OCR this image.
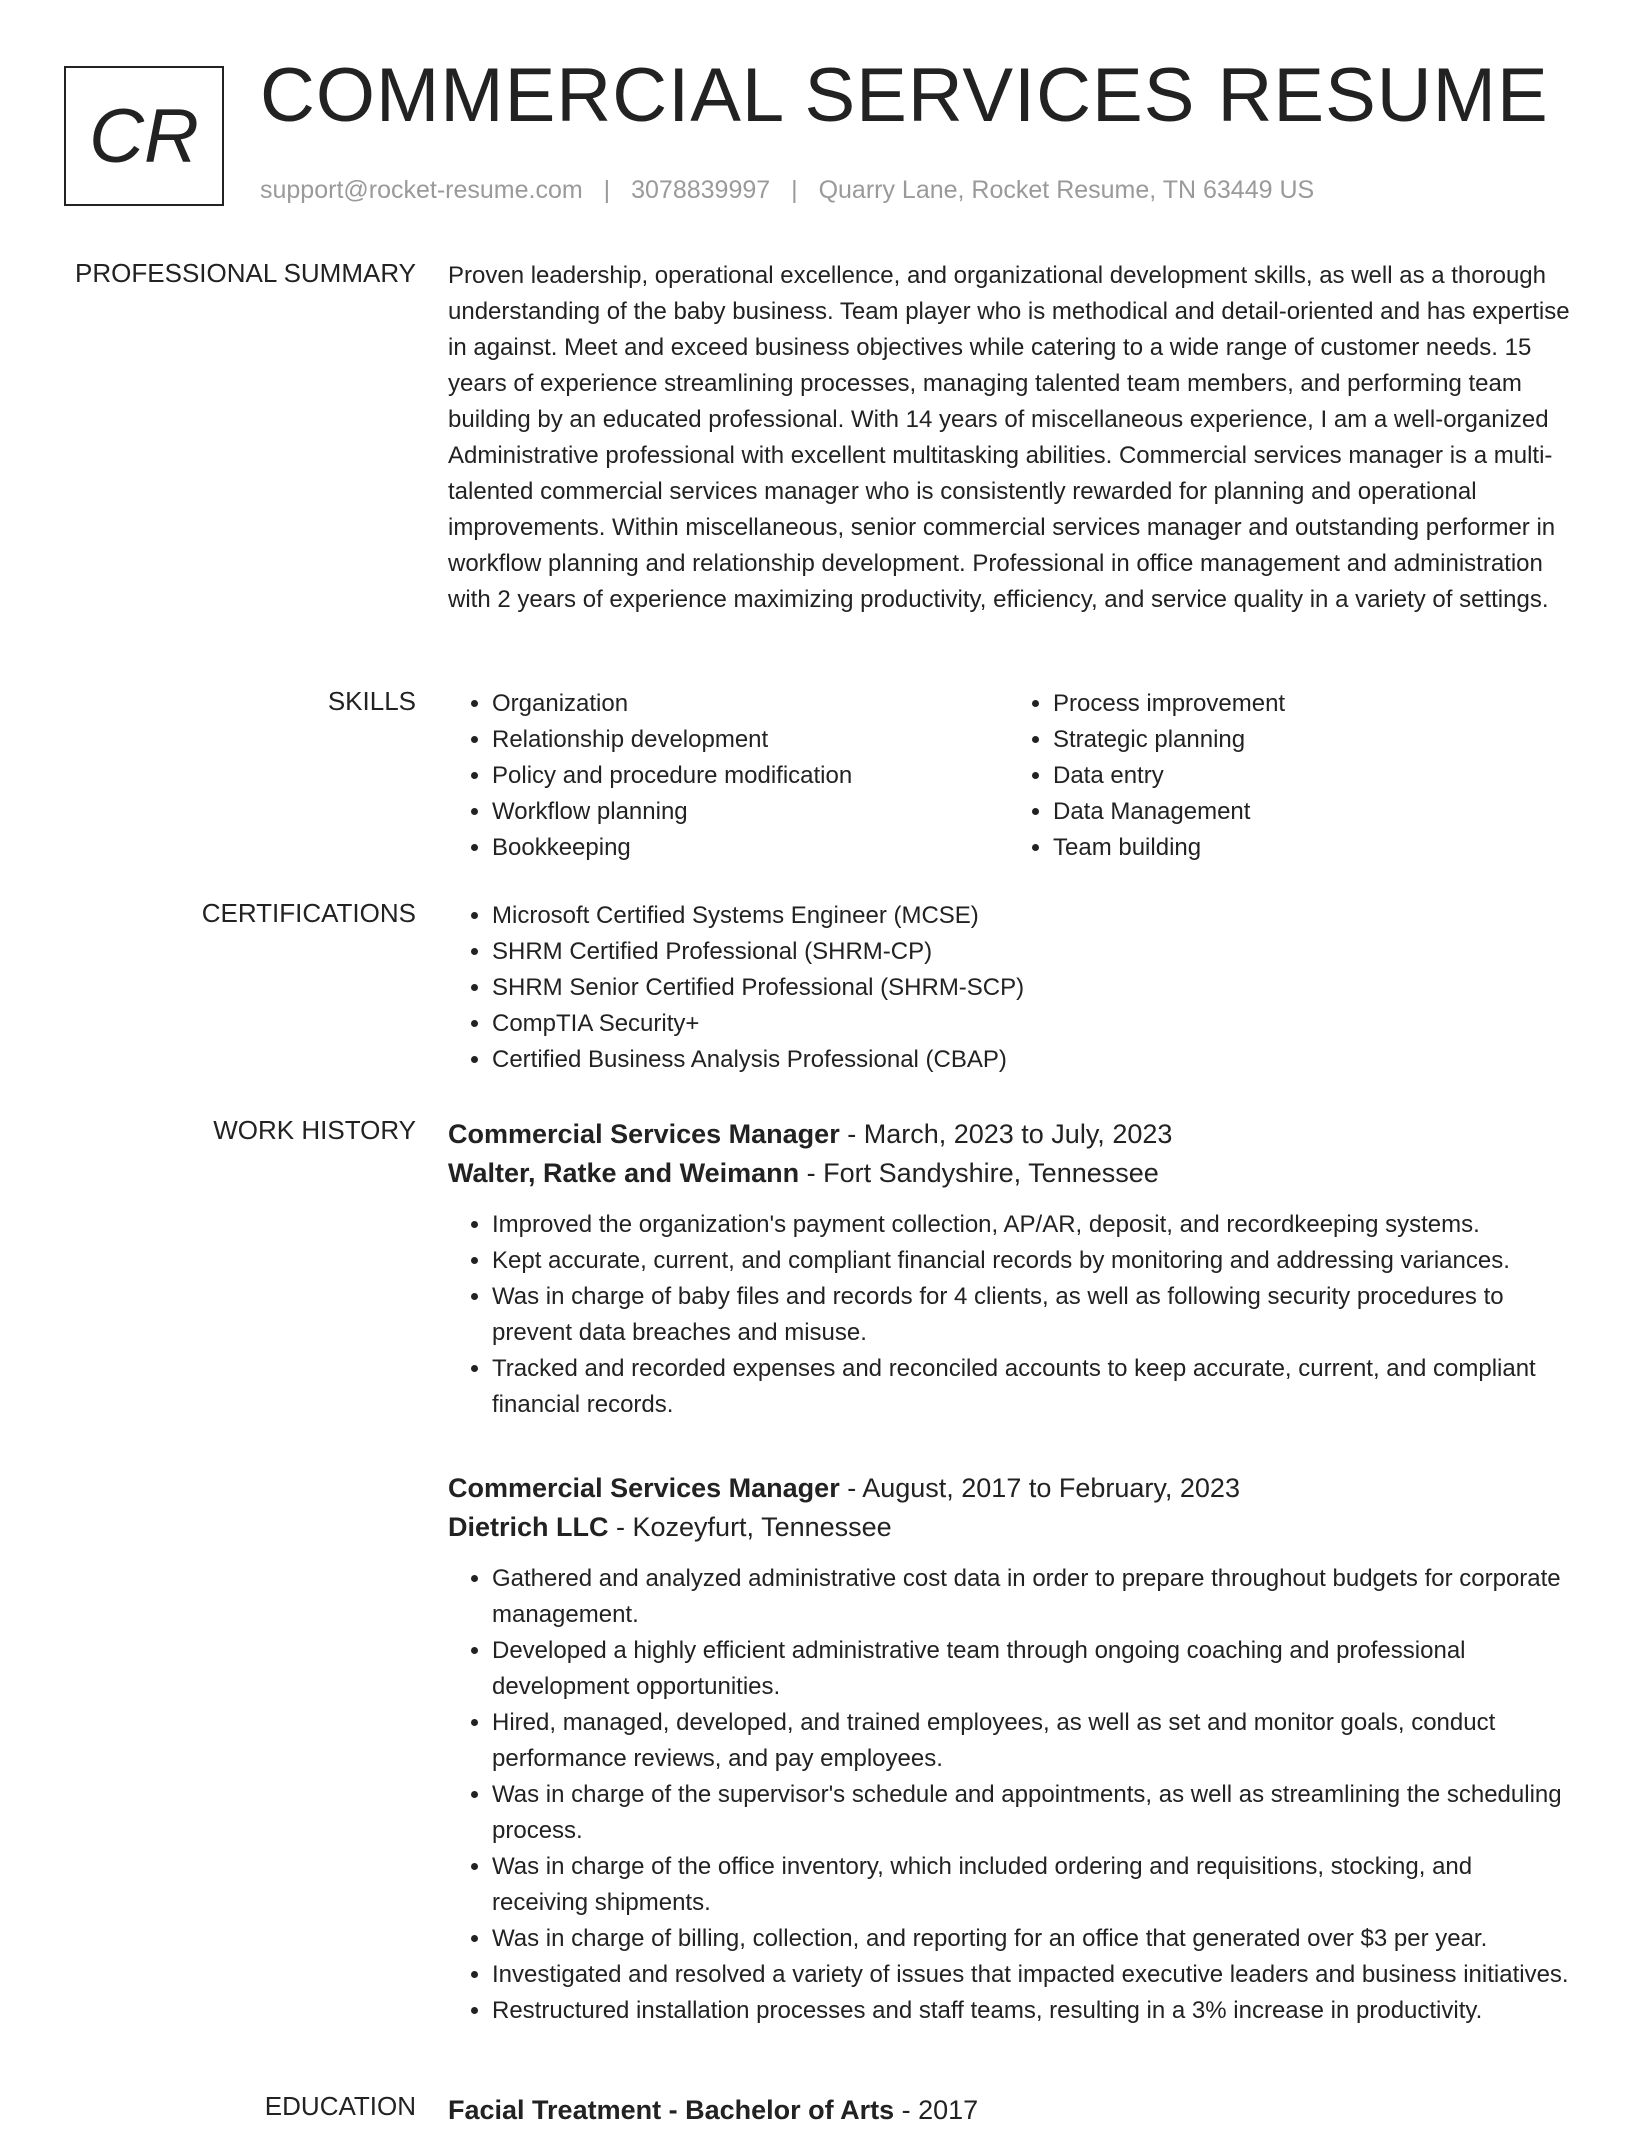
CR COMMERCIAL SERVICES RESUME
support@rocket-resume.com | 3078839997 | Quarry Lane, Rocket Resume, TN 63449 US
PROFESSIONAL SUMMARY Proven leadership, operational excellence, and organizational development skills, as well as a thorough understanding of the baby business. Team player who is methodical and detail-oriented and has expertise in against. Meet and exceed business objectives while catering to a wide range of customer needs. 15 years of experience streamlining processes, managing talented team members, and performing team building by an educated professional. With 14 years of miscellaneous experience, I am a well-organized Administrative professional with excellent multitasking abilities. Commercial services manager is a multi-talented commercial services manager who is consistently rewarded for planning and operational improvements. Within miscellaneous, senior commercial services manager and outstanding performer in workflow planning and relationship development. Professional in office management and administration with 2 years of experience maximizing productivity, efficiency, and service quality in a variety of settings.
SKILLS	• Organization
• Relationship development
• Policy and procedure modification
• Workflow planning
• Bookkeeping
• Process improvement
• Strategic planning
• Data entry
• Data Management
• Team building
CERTIFICATIONS	• Microsoft Certified Systems Engineer (MCSE)
• SHRM Certified Professional (SHRM-CP)
• SHRM Senior Certified Professional (SHRM-SCP)
• CompTIA Security+
• Certified Business Analysis Professional (CBAP)
WORK HISTORY Commercial Services Manager - March, 2023 to July, 2023
Walter, Ratke and Weimann - Fort Sandyshire, Tennessee
• Improved the organization's payment collection, AP/AR, deposit, and recordkeeping systems.
• Kept accurate, current, and compliant financial records by monitoring and addressing variances.
• Was in charge of baby files and records for 4 clients, as well as following security procedures to prevent data breaches and misuse.
• Tracked and recorded expenses and reconciled accounts to keep accurate, current, and compliant financial records.
Commercial Services Manager - August, 2017 to February, 2023
Dietrich LLC - Kozeyfurt, Tennessee
• Gathered and analyzed administrative cost data in order to prepare throughout budgets for corporate management.
• Developed a highly efficient administrative team through ongoing coaching and professional development opportunities.
• Hired, managed, developed, and trained employees, as well as set and monitor goals, conduct performance reviews, and pay employees.
• Was in charge of the supervisor's schedule and appointments, as well as streamlining the scheduling process.
• Was in charge of the office inventory, which included ordering and requisitions, stocking, and receiving shipments.
• Was in charge of billing, collection, and reporting for an office that generated over $3 per year.
• Investigated and resolved a variety of issues that impacted executive leaders and business initiatives.
• Restructured installation processes and staff teams, resulting in a 3% increase in productivity.
EDUCATION Facial Treatment - Bachelor of Arts - 2017
